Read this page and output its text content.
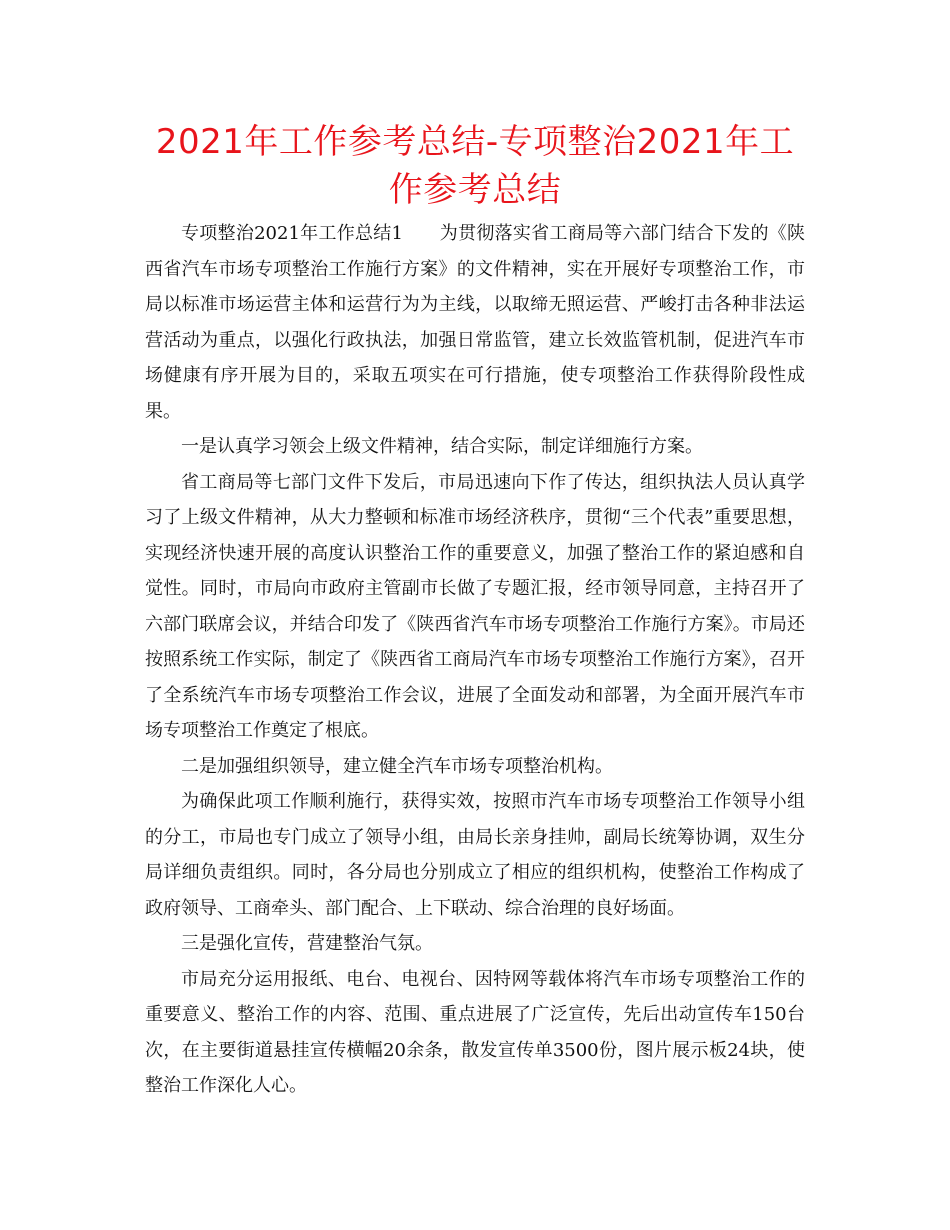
2021年工作参考总结-专项整治2021年工作参考总结

专项整治2021年工作总结1　　为贯彻落实省工商局等六部门结合下发的《陕西省汽车市场专项整治工作施行方案》的文件精神，实在开展好专项整治工作，市局以标准市场运营主体和运营行为为主线，以取缔无照运营、严峻打击各种非法运营活动为重点，以强化行政执法，加强日常监管，建立长效监管机制，促进汽车市场健康有序开展为目的，采取五项实在可行措施，使专项整治工作获得阶段性成果。

一是认真学习领会上级文件精神，结合实际，制定详细施行方案。

省工商局等七部门文件下发后，市局迅速向下作了传达，组织执法人员认真学习了上级文件精神，从大力整顿和标准市场经济秩序，贯彻“三个代表”重要思想，实现经济快速开展的高度认识整治工作的重要意义，加强了整治工作的紧迫感和自觉性。同时，市局向市政府主管副市长做了专题汇报，经市领导同意，主持召开了六部门联席会议，并结合印发了《陕西省汽车市场专项整治工作施行方案》。市局还按照系统工作实际，制定了《陕西省工商局汽车市场专项整治工作施行方案》，召开了全系统汽车市场专项整治工作会议，进展了全面发动和部署，为全面开展汽车市场专项整治工作奠定了根底。

二是加强组织领导，建立健全汽车市场专项整治机构。

为确保此项工作顺利施行，获得实效，按照市汽车市场专项整治工作领导小组的分工，市局也专门成立了领导小组，由局长亲身挂帅，副局长统筹协调，双生分局详细负责组织。同时，各分局也分别成立了相应的组织机构，使整治工作构成了政府领导、工商牵头、部门配合、上下联动、综合治理的良好场面。

三是强化宣传，营建整治气氛。

市局充分运用报纸、电台、电视台、因特网等载体将汽车市场专项整治工作的重要意义、整治工作的内容、范围、重点进展了广泛宣传，先后出动宣传车150台次，在主要街道悬挂宣传横幅20余条，散发宣传单3500份，图片展示板24块，使整治工作深化人心。
